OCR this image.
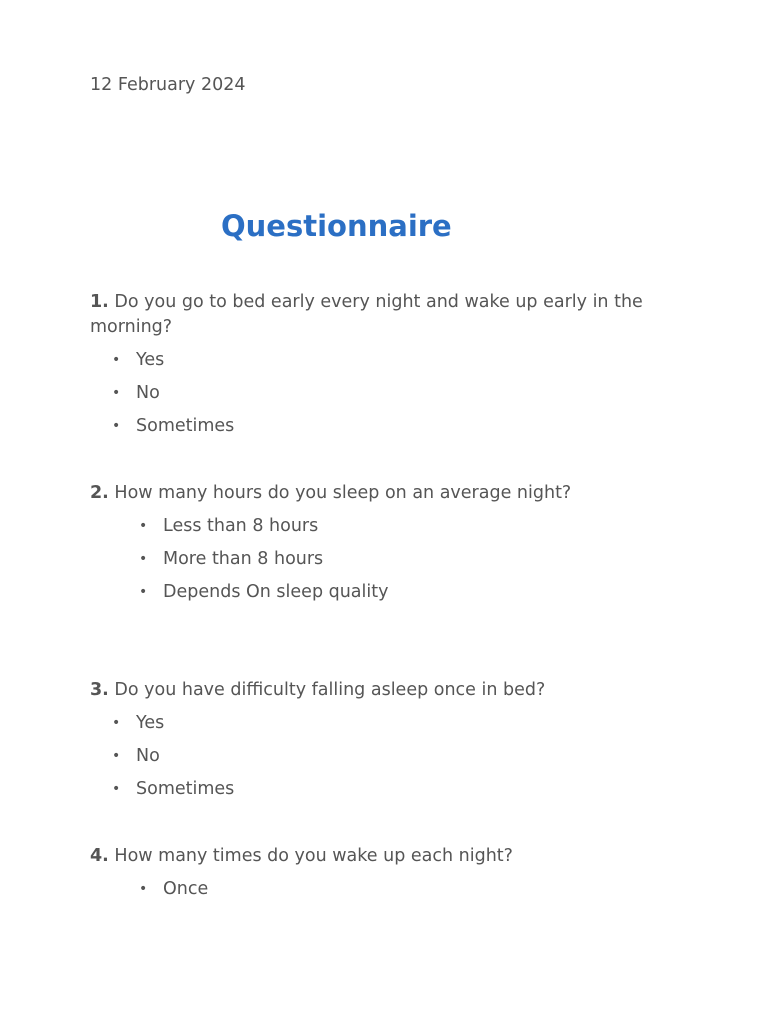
12 February 2024
Questionnaire
1. Do you go to bed early every night and wake up early in the morning?
• Yes
• No
• Sometimes
2. How many hours do you sleep on an average night?
• Less than 8 hours
• More than 8 hours
• Depends On sleep quality
3. Do you have difficulty falling asleep once in bed?
• Yes
• No
• Sometimes
4. How many times do you wake up each night?
• Once
